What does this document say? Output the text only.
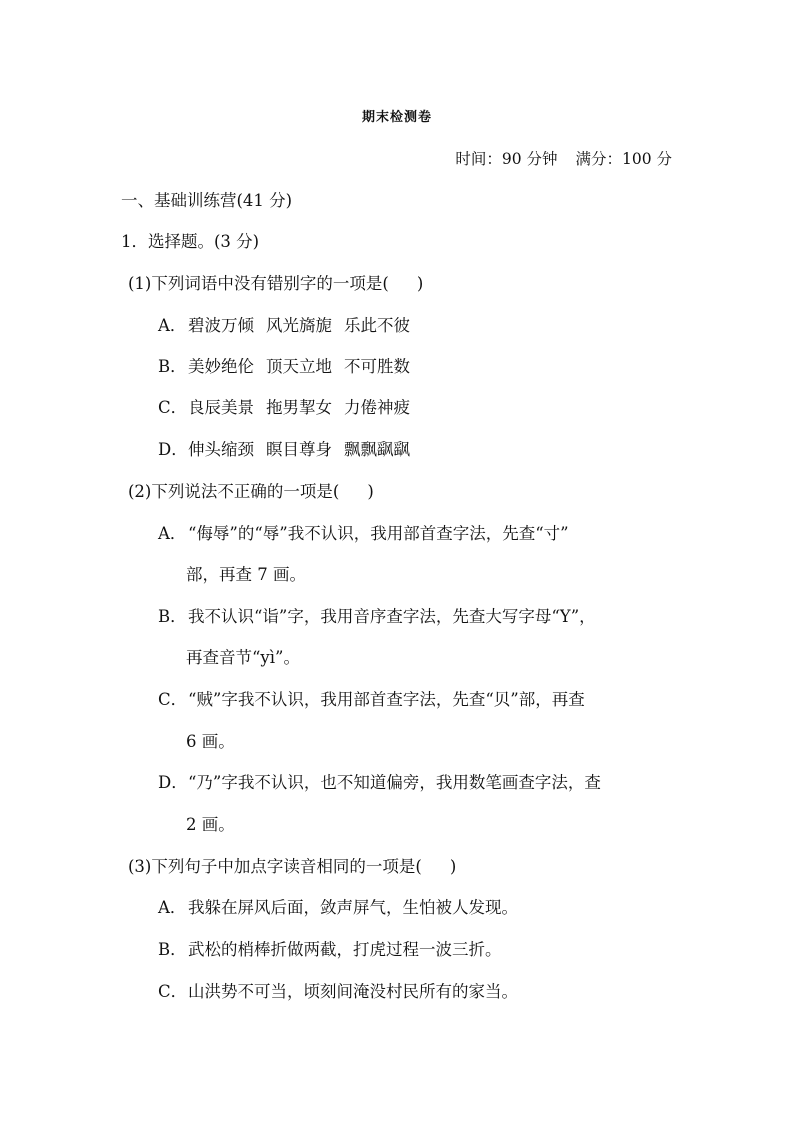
期末检测卷
时间：90 分钟 满分：100 分
一、基础训练营(41 分)
1．选择题。(3 分)
(1)下列词语中没有错别字的一项是( )
A．碧波万倾 风光旖旎 乐此不彼
B．美妙绝伦 顶天立地 不可胜数
C．良辰美景 拖男挈女 力倦神疲
D．伸头缩颈 瞑目尊身 飘飘飖飖
(2)下列说法不正确的一项是( )
A．“侮辱”的“辱”我不认识，我用部首查字法，先查“寸”
部，再查 7 画。
B．我不认识“诣”字，我用音序查字法，先查大写字母“Y”，
再查音节“yì”。
C．“贼”字我不认识，我用部首查字法，先查“贝”部，再查
6 画。
D．“乃”字我不认识，也不知道偏旁，我用数笔画查字法，查
2 画。
(3)下列句子中加点字读音相同的一项是( )
A．我躲在屏风后面，敛声屏气，生怕被人发现。
B．武松的梢棒折做两截，打虎过程一波三折。
C．山洪势不可当，顷刻间淹没村民所有的家当。
